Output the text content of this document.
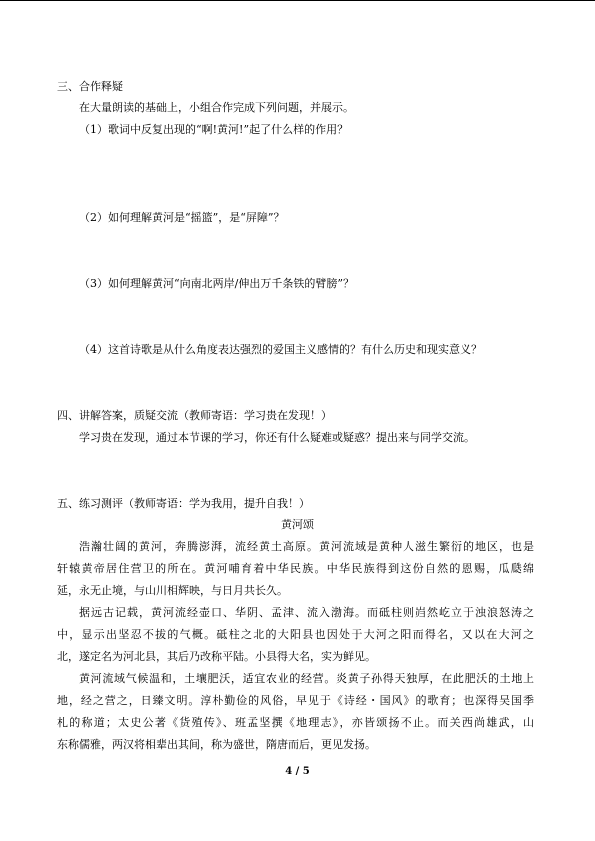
三、合作释疑
在大量朗读的基础上，小组合作完成下列问题，并展示。
（1）歌词中反复出现的“啊!黄河!”起了什么样的作用？
（2）如何理解黄河是“摇篮”，是“屏障”？
（3）如何理解黄河“向南北两岸/伸出万千条铁的臂膀”？
（4）这首诗歌是从什么角度表达强烈的爱国主义感情的？有什么历史和现实意义？
四、讲解答案，质疑交流（教师寄语：学习贵在发现！）
学习贵在发现，通过本节课的学习，你还有什么疑难或疑惑？提出来与同学交流。
五、练习测评（教师寄语：学为我用，提升自我！）
黄河颂
浩瀚壮阔的黄河，奔腾澎湃，流经黄土高原。黄河流域是黄种人滋生繁衍的地区，也是
轩辕黄帝居住营卫的所在。黄河哺育着中华民族。中华民族得到这份自然的恩赐，瓜瓞绵
延，永无止境，与山川相辉映，与日月共长久。
据远古记载，黄河流经壶口、华阴、孟津、流入渤海。而砥柱则岿然屹立于浊浪怒涛之
中，显示出坚忍不拔的气概。砥柱之北的大阳县也因处于大河之阳而得名，又以在大河之
北，遂定名为河北县，其后乃改称平陆。小县得大名，实为鲜见。
黄河流域气候温和，土壤肥沃，适宜农业的经营。炎黄子孙得天独厚，在此肥沃的土地上
地，经之营之，日臻文明。淳朴勤俭的风俗，早见于《诗经・国风》的歌育；也深得吴国季
札的称道；太史公著《货殖传》、班孟坚撰《地理志》，亦皆颂扬不止。而关西尚雄武，山
东称儒雅，两汉将相辈出其间，称为盛世，隋唐而后，更见发扬。
4 / 5
